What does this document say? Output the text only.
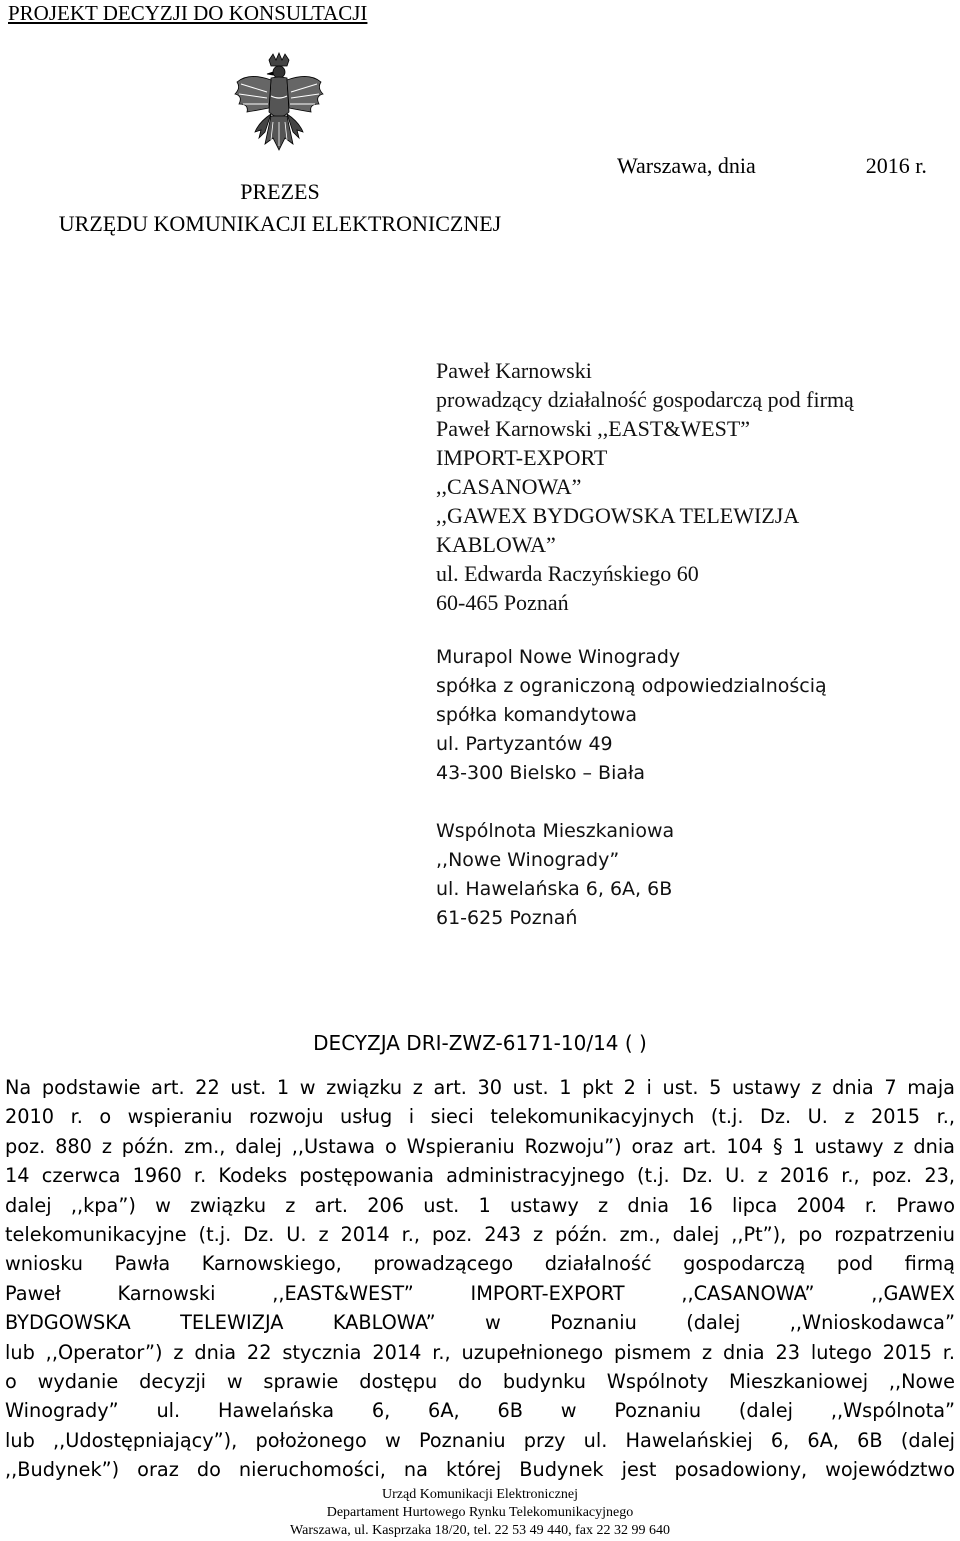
PROJEKT DECYZJI DO KONSULTACJI
PREZES
URZĘDU KOMUNIKACJI ELEKTRONICZNEJ
Warszawa, dnia	2016 r.
Paweł Karnowski
prowadzący działalność gospodarczą pod firmą
Paweł Karnowski ,,EAST&WEST”
IMPORT-EXPORT
,,CASANOWA”
,,GAWEX BYDGOWSKA TELEWIZJA
KABLOWA”
ul. Edwarda Raczyńskiego 60
60-465 Poznań
Murapol Nowe Winogrady
spółka z ograniczoną odpowiedzialnością
spółka komandytowa
ul. Partyzantów 49
43-300 Bielsko – Biała
Wspólnota Mieszkaniowa
,,Nowe Winogrady”
ul. Hawelańska 6, 6A, 6B
61-625 Poznań
DECYZJA DRI-ZWZ-6171-10/14 ( )
Na podstawie art. 22 ust. 1 w związku z art. 30 ust. 1 pkt 2 i ust. 5 ustawy z dnia 7 maja
2010 r. o wspieraniu rozwoju usług i sieci telekomunikacyjnych (t.j. Dz. U. z 2015 r.,
poz. 880 z późn. zm., dalej ,,Ustawa o Wspieraniu Rozwoju”) oraz art. 104 § 1 ustawy z dnia
14 czerwca 1960 r. Kodeks postępowania administracyjnego (t.j. Dz. U. z 2016 r., poz. 23,
dalej ,,kpa”) w związku z art. 206 ust. 1 ustawy z dnia 16 lipca 2004 r. Prawo
telekomunikacyjne (t.j. Dz. U. z 2014 r., poz. 243 z późn. zm., dalej ,,Pt”), po rozpatrzeniu
wniosku Pawła Karnowskiego, prowadzącego działalność gospodarczą pod firmą
Paweł Karnowski ,,EAST&WEST” IMPORT-EXPORT ,,CASANOWA” ,,GAWEX
BYDGOWSKA TELEWIZJA KABLOWA” w Poznaniu (dalej ,,Wnioskodawca”
lub ,,Operator”) z dnia 22 stycznia 2014 r., uzupełnionego pismem z dnia 23 lutego 2015 r.
o wydanie decyzji w sprawie dostępu do budynku Wspólnoty Mieszkaniowej ,,Nowe
Winogrady” ul. Hawelańska 6, 6A, 6B w Poznaniu (dalej ,,Wspólnota”
lub ,,Udostępniający”), położonego w Poznaniu przy ul. Hawelańskiej 6, 6A, 6B (dalej
,,Budynek”) oraz do nieruchomości, na której Budynek jest posadowiony, województwo
Urząd Komunikacji Elektronicznej
Departament Hurtowego Rynku Telekomunikacyjnego
Warszawa, ul. Kasprzaka 18/20, tel. 22 53 49 440, fax 22 32 99 640
